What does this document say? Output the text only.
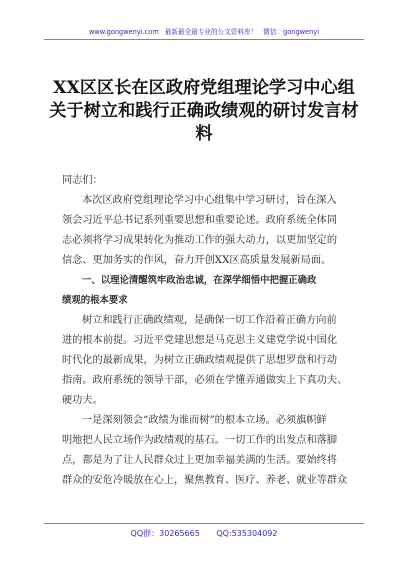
www.gongwenyi.com 最新最全最专业的公文资料库！ 微信：gongwenyi
XX区区长在区政府党组理论学习中心组
关于树立和践行正确政绩观的研讨发言材
料

同志们：

本次区政府党组理论学习中心组集中学习研讨，旨在深入
领会习近平总书记系列重要思想和重要论述。政府系统全体同
志必须将学习成果转化为推动工作的强大动力，以更加坚定的
信念、更加务实的作风，奋力开创XX区高质量发展新局面。
一、以理论清醒筑牢政治忠诚，在深学细悟中把握正确政
绩观的根本要求
树立和践行正确政绩观，是确保一切工作沿着正确方向前
进的根本前提。习近平党建思想是马克思主义建党学说中国化
时代化的最新成果，为树立正确政绩观提供了思想罗盘和行动
指南。政府系统的领导干部，必须在学懂弄通做实上下真功夫、
硬功夫。
一是深刻领会“政绩为谁而树”的根本立场。必须旗帜鲜
明地把人民立场作为政绩观的基石。一切工作的出发点和落脚
点，都是为了让人民群众过上更加幸福美满的生活。要始终将
群众的安危冷暖放在心上，聚焦教育、医疗、养老、就业等群众
QQ群：30265665 QQ:535304092
